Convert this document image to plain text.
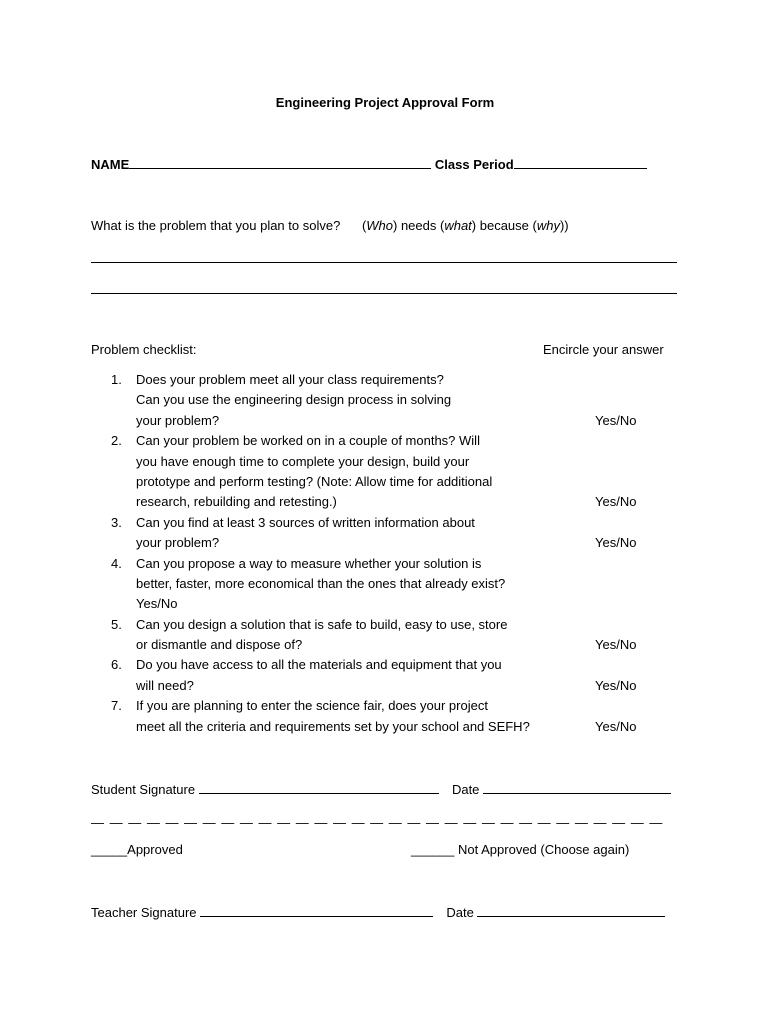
Engineering Project Approval Form
NAME	Class Period
What is the problem that you plan to solve? (Who) needs (what) because (why))
Problem checklist:	Encircle your answer
1.	Does your problem meet all your class requirements?
Can you use the engineering design process in solving
your problem?	Yes/No
2.	Can your problem be worked on in a couple of months? Will
you have enough time to complete your design, build your
prototype and perform testing? (Note: Allow time for additional
research, rebuilding and retesting.)	Yes/No
3.	Can you find at least 3 sources of written information about
your problem?	Yes/No
4.	Can you propose a way to measure whether your solution is
better, faster, more economical than the ones that already exist?
Yes/No
5.	Can you design a solution that is safe to build, easy to use, store
or dismantle and dispose of?	Yes/No
6.	Do you have access to all the materials and equipment that you
will need?	Yes/No
7.	If you are planning to enter the science fair, does your project
meet all the criteria and requirements set by your school and SEFH?	Yes/No
Student Signature	Date
— — — — — — — — — — — — — — — — — — — — — — — — — — — — — — —
_____Approved	______ Not Approved (Choose again)
Teacher Signature	Date
